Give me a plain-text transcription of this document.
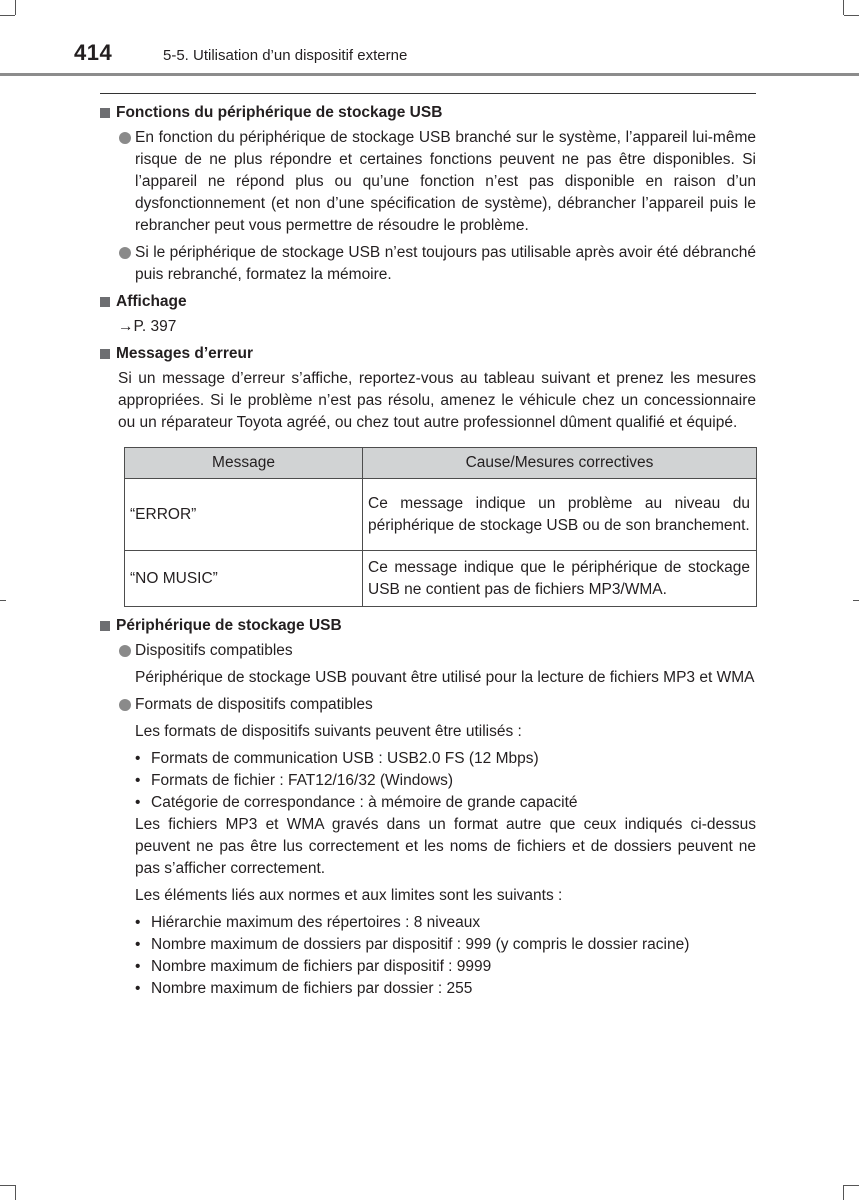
414	5-5. Utilisation d’un dispositif externe
Fonctions du périphérique de stockage USB

En fonction du périphérique de stockage USB branché sur le système, l’appareil lui-même risque de ne plus répondre et certaines fonctions peuvent ne pas être disponibles. Si l’appareil ne répond plus ou qu’une fonction n’est pas disponible en raison d’un dysfonctionnement (et non d’une spécification de système), débrancher l’appareil puis le rebrancher peut vous permettre de résoudre le problème.

Si le périphérique de stockage USB n’est toujours pas utilisable après avoir été débranché puis rebranché, formatez la mémoire.

Affichage

→P. 397

Messages d’erreur

Si un message d’erreur s’affiche, reportez-vous au tableau suivant et prenez les mesures appropriées. Si le problème n’est pas résolu, amenez le véhicule chez un concessionnaire ou un réparateur Toyota agréé, ou chez tout autre professionnel dûment qualifié et équipé.

Message	Cause/Mesures correctives
“ERROR”	Ce message indique un problème au niveau du périphérique de stockage USB ou de son branchement.
“NO MUSIC”	Ce message indique que le périphérique de stockage USB ne contient pas de fichiers MP3/WMA.
Périphérique de stockage USB

Dispositifs compatibles

Périphérique de stockage USB pouvant être utilisé pour la lecture de fichiers MP3 et WMA

Formats de dispositifs compatibles

Les formats de dispositifs suivants peuvent être utilisés :

• Formats de communication USB : USB2.0 FS (12 Mbps)
• Formats de fichier : FAT12/16/32 (Windows)
• Catégorie de correspondance : à mémoire de grande capacité

Les fichiers MP3 et WMA gravés dans un format autre que ceux indiqués ci-dessus peuvent ne pas être lus correctement et les noms de fichiers et de dossiers peuvent ne pas s’afficher correctement.

Les éléments liés aux normes et aux limites sont les suivants :

• Hiérarchie maximum des répertoires : 8 niveaux
• Nombre maximum de dossiers par dispositif : 999 (y compris le dossier racine)
• Nombre maximum de fichiers par dispositif : 9999
• Nombre maximum de fichiers par dossier : 255
